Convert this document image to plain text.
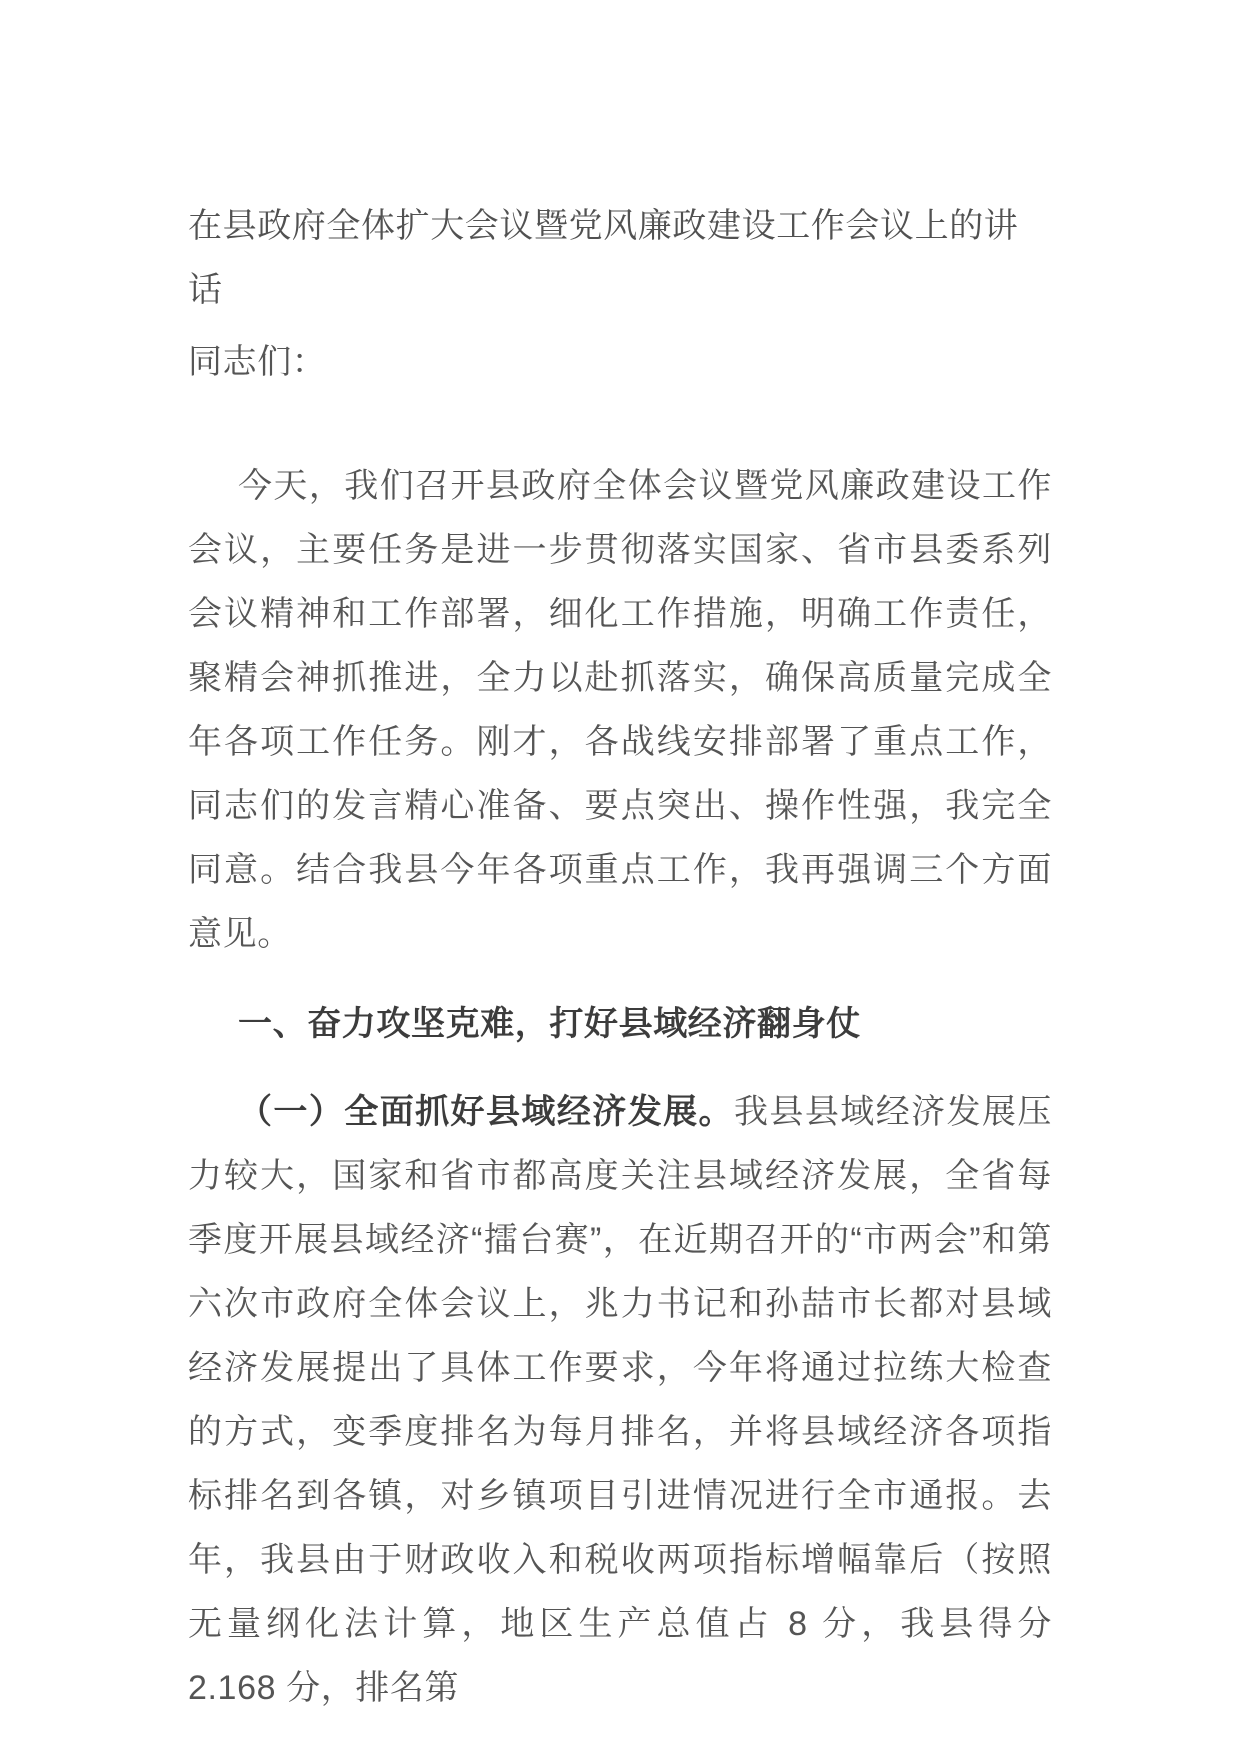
在县政府全体扩大会议暨党风廉政建设工作会议上的讲话

同志们：

今天，我们召开县政府全体会议暨党风廉政建设工作会议，主要任务是进一步贯彻落实国家、省市县委系列会议精神和工作部署，细化工作措施，明确工作责任，聚精会神抓推进，全力以赴抓落实，确保高质量完成全年各项工作任务。刚才，各战线安排部署了重点工作，同志们的发言精心准备、要点突出、操作性强，我完全同意。结合我县今年各项重点工作，我再强调三个方面意见。

一、奋力攻坚克难，打好县域经济翻身仗

（一）全面抓好县域经济发展。我县县域经济发展压力较大，国家和省市都高度关注县域经济发展，全省每季度开展县域经济“擂台赛”，在近期召开的“市两会”和第六次市政府全体会议上，兆力书记和孙喆市长都对县域经济发展提出了具体工作要求，今年将通过拉练大检查的方式，变季度排名为每月排名，并将县域经济各项指标排名到各镇，对乡镇项目引进情况进行全市通报。去年，我县由于财政收入和税收两项指标增幅靠后（按照无量纲化法计算，地区生产总值占 8 分，我县得分 2.168 分，排名第
